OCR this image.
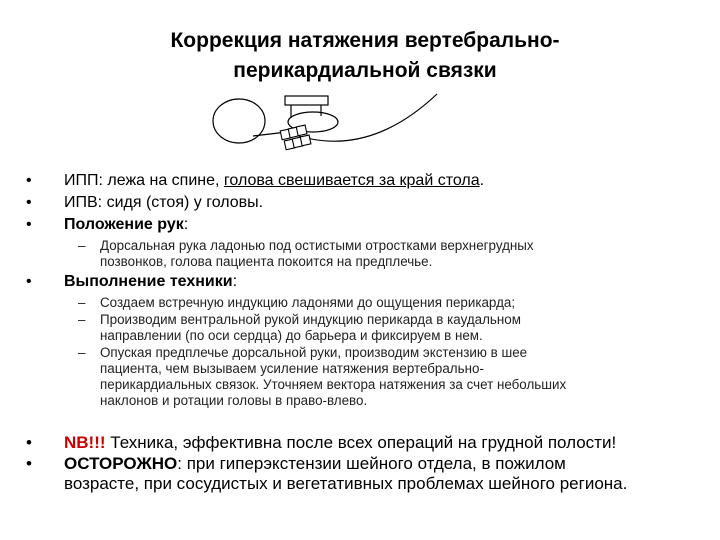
Коррекция натяжения вертебрально-
перикардиальной связки
•	ИПП: лежа на спине, голова свешивается за край стола.
•	ИПВ: сидя (стоя) у головы.
•	Положение рук:
– Дорсальная рука ладонью под остистыми отростками верхнегрудных
позвонков, голова пациента покоится на предплечье.
•	Выполнение техники:
– Создаем встречную индукцию ладонями до ощущения перикарда;
– Производим вентральной рукой индукцию перикарда в каудальном
направлении (по оси сердца) до барьера и фиксируем в нем.
– Опуская предплечье дорсальной руки, производим экстензию в шее
пациента, чем вызываем усиление натяжения вертебрально-
перикардиальных связок. Уточняем вектора натяжения за счет небольших
наклонов и ротации головы в право-влево.
•	NB!!! Техника, эффективна после всех операций на грудной полости!
•	ОСТОРОЖНО: при гиперэкстензии шейного отдела, в пожилом
возрасте, при сосудистых и вегетативных проблемах шейного региона.
